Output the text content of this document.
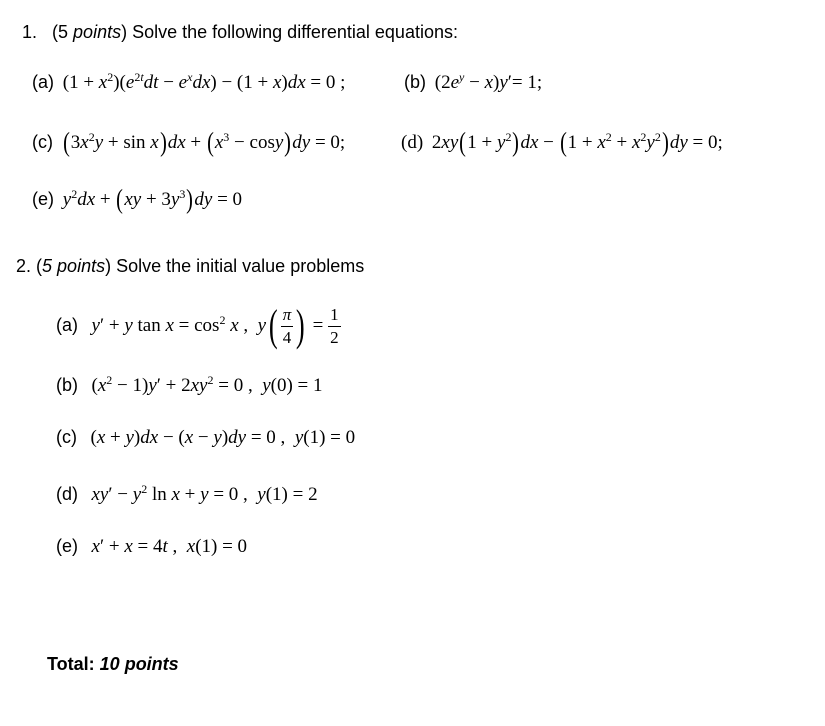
1.   (5 points) Solve the following differential equations:
(a)  $(1 + x^2)(e^{2t}dt - e^xdx) - (1 + x)dx = 0$ ;	(b)  $(2e^y - x)y'= 1$;
(c) $(3x^2y + \sin x)dx + (x^3 - \cos y)dy = 0$;	(d)  $2xy(1 + y^2)dx - (1 + x^2 + x^2y^2)dy = 0$;
(e) $y^2dx + (xy + 3y^3)dy = 0$
2. (5 points) Solve the initial value problems
(a) y′ + y $\tan x = \cos^2 x$ ,  $y( \frac{\pi}{4}$ ) = $\frac{1}{2}$
(b)   $(x^2 - 1)y' + 2xy^2 = 0$ ,  y(0) = 1
(c)   (x + y)dx − (x − y)dy = 0 ,  y(1) = 0
(d) $xy' - y^2$ ln x + y = 0 ,  y(1) = 2
(e) x′ + x = 4t ,  x(1) = 0
Total: 10 points
